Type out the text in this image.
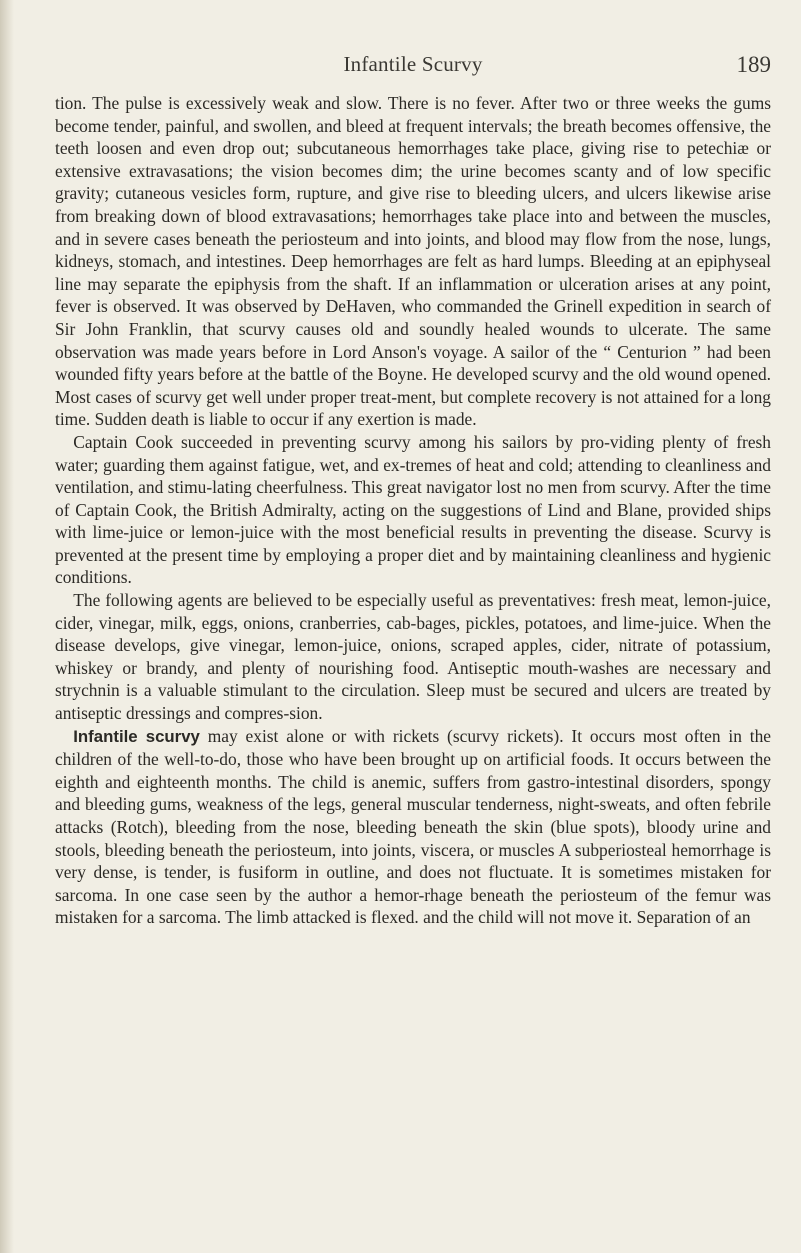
Infantile Scurvy	189

tion. The pulse is excessively weak and slow. There is no fever. After two or three weeks the gums become tender, painful, and swollen, and bleed at frequent intervals; the breath becomes offensive, the teeth loosen and even drop out; subcutaneous hemorrhages take place, giving rise to petechiæ or extensive extravasations; the vision becomes dim; the urine becomes scanty and of low specific gravity; cutaneous vesicles form, rupture, and give rise to bleeding ulcers, and ulcers likewise arise from breaking down of blood extravasations; hemorrhages take place into and between the muscles, and in severe cases beneath the periosteum and into joints, and blood may flow from the nose, lungs, kidneys, stomach, and intestines. Deep hemorrhages are felt as hard lumps. Bleeding at an epiphyseal line may separate the epiphysis from the shaft. If an inflammation or ulceration arises at any point, fever is observed. It was observed by DeHaven, who commanded the Grinell expedition in search of Sir John Franklin, that scurvy causes old and soundly healed wounds to ulcerate. The same observation was made years before in Lord Anson's voyage. A sailor of the “ Centurion ” had been wounded fifty years before at the battle of the Boyne. He developed scurvy and the old wound opened. Most cases of scurvy get well under proper treat-ment, but complete recovery is not attained for a long time. Sudden death is liable to occur if any exertion is made.

Captain Cook succeeded in preventing scurvy among his sailors by pro-viding plenty of fresh water; guarding them against fatigue, wet, and ex-tremes of heat and cold; attending to cleanliness and ventilation, and stimu-lating cheerfulness. This great navigator lost no men from scurvy. After the time of Captain Cook, the British Admiralty, acting on the suggestions of Lind and Blane, provided ships with lime-juice or lemon-juice with the most beneficial results in preventing the disease. Scurvy is prevented at the present time by employing a proper diet and by maintaining cleanliness and hygienic conditions.

The following agents are believed to be especially useful as preventatives: fresh meat, lemon-juice, cider, vinegar, milk, eggs, onions, cranberries, cab-bages, pickles, potatoes, and lime-juice. When the disease develops, give vinegar, lemon-juice, onions, scraped apples, cider, nitrate of potassium, whiskey or brandy, and plenty of nourishing food. Antiseptic mouth-washes are necessary and strychnin is a valuable stimulant to the circulation. Sleep must be secured and ulcers are treated by antiseptic dressings and compres-sion.

Infantile scurvy may exist alone or with rickets (scurvy rickets). It occurs most often in the children of the well-to-do, those who have been brought up on artificial foods. It occurs between the eighth and eighteenth months. The child is anemic, suffers from gastro-intestinal disorders, spongy and bleeding gums, weakness of the legs, general muscular tenderness, night-sweats, and often febrile attacks (Rotch), bleeding from the nose, bleeding beneath the skin (blue spots), bloody urine and stools, bleeding beneath the periosteum, into joints, viscera, or muscles A subperiosteal hemorrhage is very dense, is tender, is fusiform in outline, and does not fluctuate. It is sometimes mistaken for sarcoma. In one case seen by the author a hemor-rhage beneath the periosteum of the femur was mistaken for a sarcoma. The limb attacked is flexed. and the child will not move it. Separation of an
